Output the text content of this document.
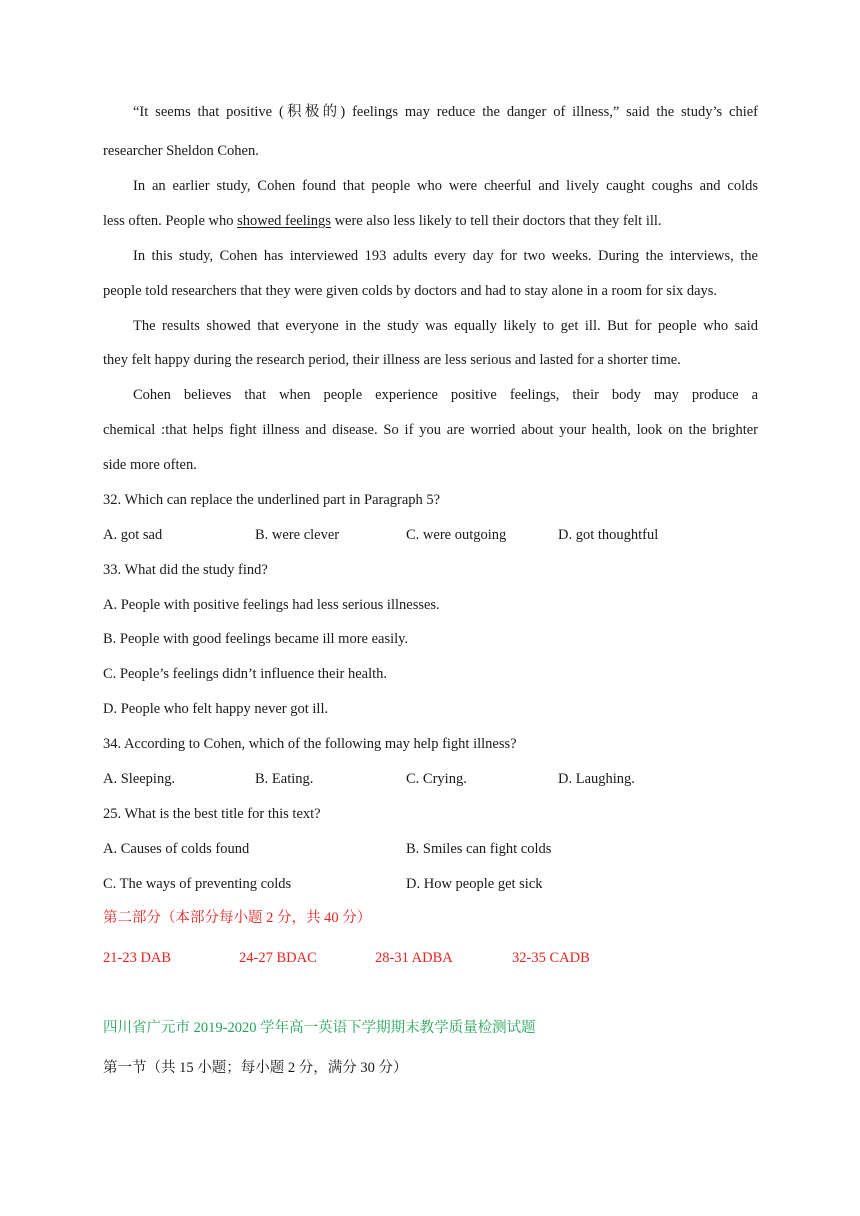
“It seems that positive (积极的) feelings may reduce the danger of illness,” said the study’s chief
researcher Sheldon Cohen.
In an earlier study, Cohen found that people who were cheerful and lively caught coughs and colds
less often. People who showed feelings were also less likely to tell their doctors that they felt ill.
In this study, Cohen has interviewed 193 adults every day for two weeks. During the interviews, the
people told researchers that they were given colds by doctors and had to stay alone in a room for six days.
The results showed that everyone in the study was equally likely to get ill. But for people who said
they felt happy during the research period, their illness are less serious and lasted for a shorter time.
Cohen believes that when people experience positive feelings, their body may produce a
chemical :that helps fight illness and disease. So if you are worried about your health, look on the brighter
side more often.
32. Which can replace the underlined part in Paragraph 5?
A. got sad	B. were clever	C. were outgoing	D. got thoughtful
33. What did the study find?
A. People with positive feelings had less serious illnesses.
B. People with good feelings became ill more easily.
C. People’s feelings didn’t influence their health.
D. People who felt happy never got ill.
34. According to Cohen, which of the following may help fight illness?
A. Sleeping.	B. Eating.	C. Crying.	D. Laughing.
25. What is the best title for this text?
A. Causes of colds found	B. Smiles can fight colds
C. The ways of preventing colds	D. How people get sick
第二部分（本部分每小题 2 分，共 40 分）
21-23 DAB	24-27 BDAC	28-31 ADBA	32-35 CADB
四川省广元市 2019-2020 学年高一英语下学期期末教学质量检测试题
第一节（共 15 小题；每小题 2 分，满分 30 分）
